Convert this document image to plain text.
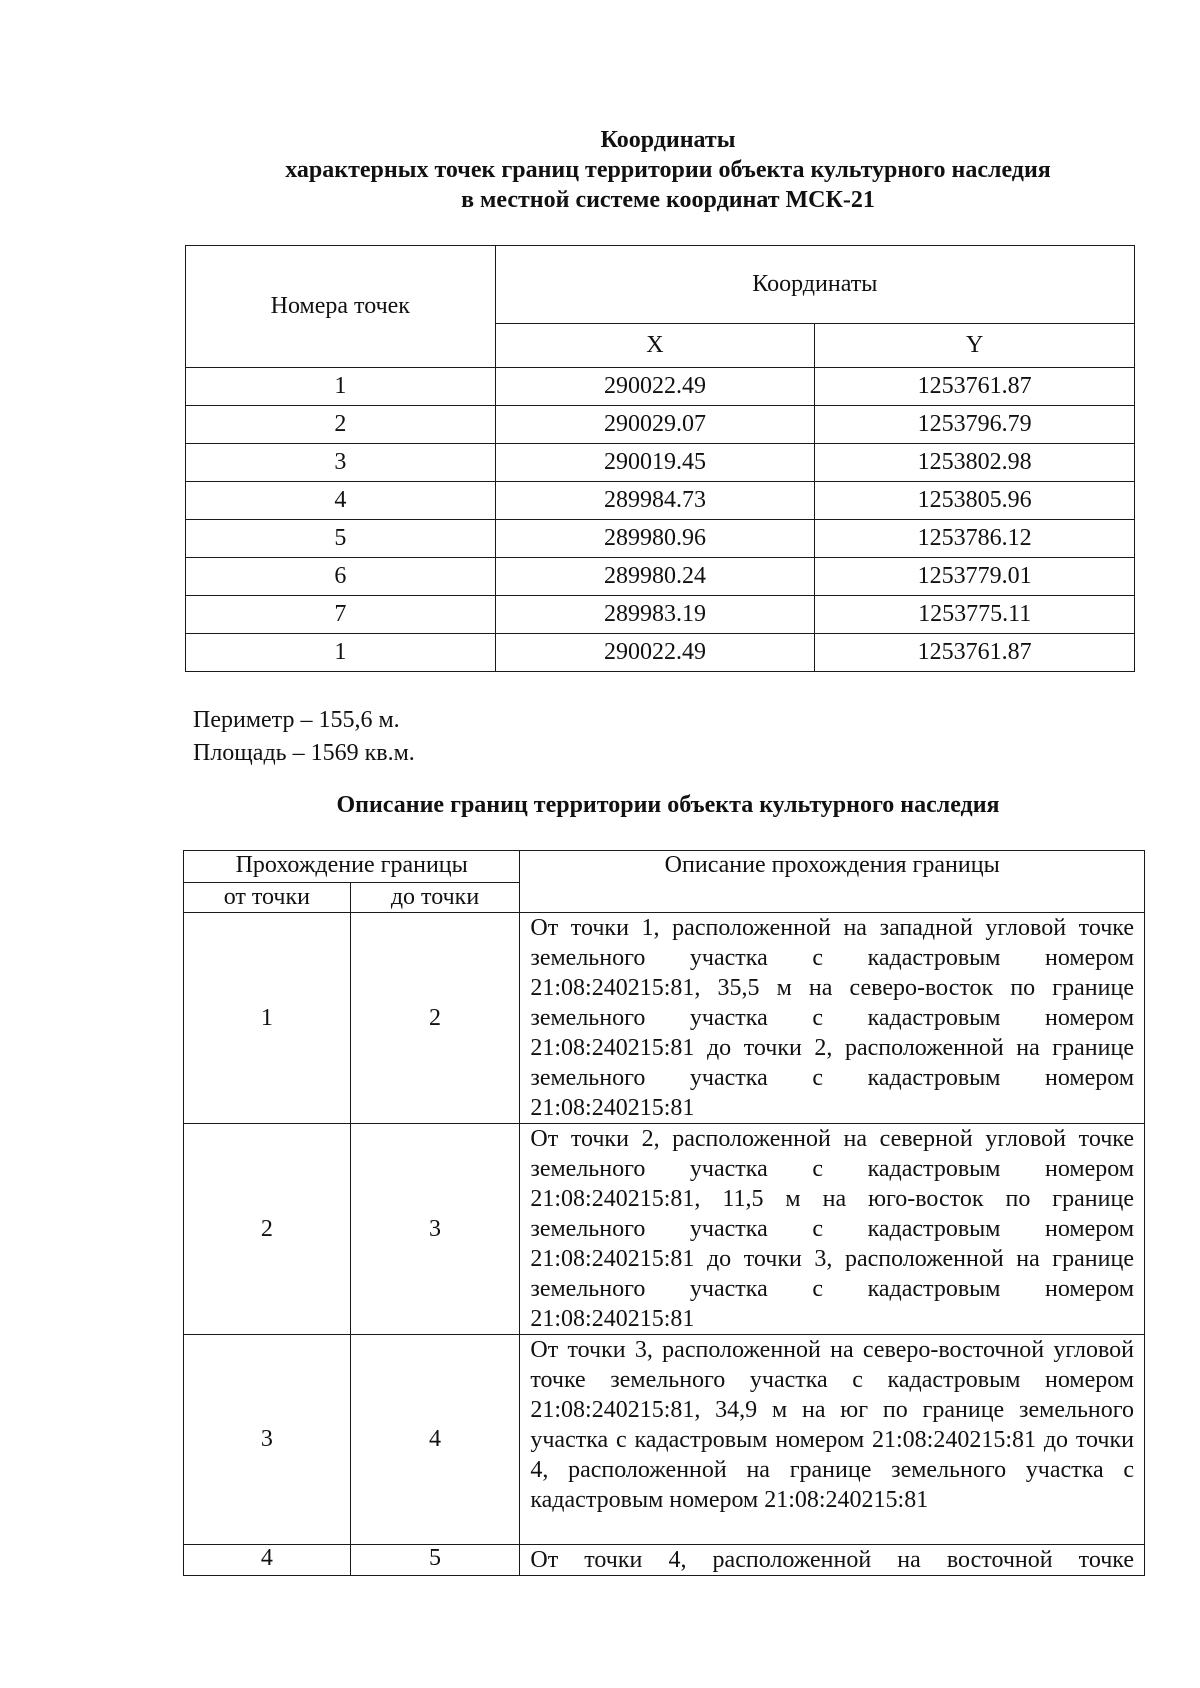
Координаты
характерных точек границ территории объекта культурного наследия
в местной системе координат МСК-21
Номера точек	Координаты	
	X	Y
1	290022.49	1253761.87
2	290029.07	1253796.79
3	290019.45	1253802.98
4	289984.73	1253805.96
5	289980.96	1253786.12
6	289980.24	1253779.01
7	289983.19	1253775.11
1	290022.49	1253761.87
Периметр – 155,6 м.
Площадь – 1569 кв.м.
Описание границ территории объекта культурного наследия
Прохождение границы		Описание прохождения границы
от точки	до точки	
1	2	От точки 1, расположенной на западной угловой точке земельного участка с кадастровым номером 21:08:240215:81, 35,5 м на северо-восток по границе земельного участка с кадастровым номером 21:08:240215:81 до точки 2, расположенной на границе земельного участка с кадастровым номером 21:08:240215:81
2	3	От точки 2, расположенной на северной угловой точке земельного участка с кадастровым номером 21:08:240215:81, 11,5 м на юго-восток по границе земельного участка с кадастровым номером 21:08:240215:81 до точки 3, расположенной на границе земельного участка с кадастровым номером 21:08:240215:81
3	4	От точки 3, расположенной на северо-восточной угловой точке земельного участка с кадастровым номером 21:08:240215:81, 34,9 м на юг по границе земельного участка с кадастровым номером 21:08:240215:81 до точки 4, расположенной на границе земельного участка с кадастровым номером 21:08:240215:81
4	5	От точки 4, расположенной на восточной точке
